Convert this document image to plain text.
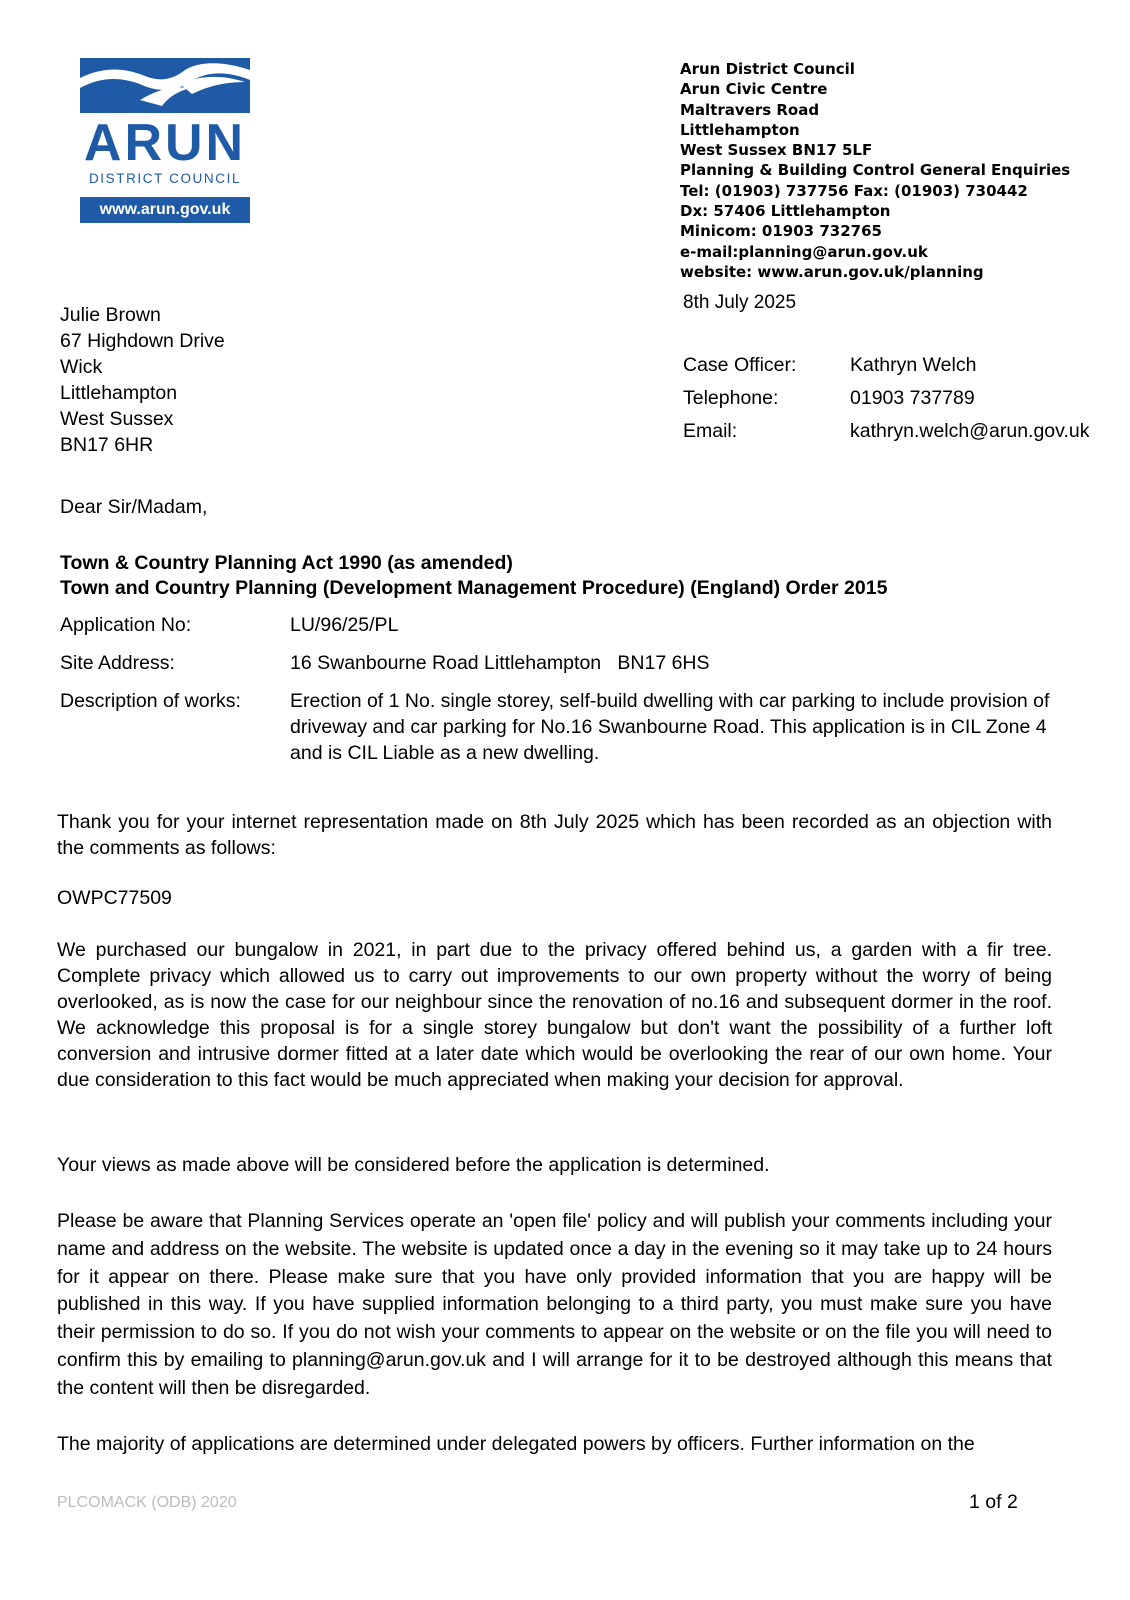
ARUN
DISTRICT COUNCIL
www.arun.gov.uk
Arun District Council
Arun Civic Centre
Maltravers Road
Littlehampton
West Sussex BN17 5LF
Planning & Building Control General Enquiries
Tel: (01903) 737756 Fax: (01903) 730442
Dx: 57406 Littlehampton
Minicom: 01903 732765
e-mail:planning@arun.gov.uk
website: www.arun.gov.uk/planning
8th July 2025
Julie Brown
67 Highdown Drive
Wick
Littlehampton
West Sussex
BN17 6HR
Case Officer:	Kathryn Welch
Telephone:	01903 737789
Email:	kathryn.welch@arun.gov.uk
Dear Sir/Madam,
Town & Country Planning Act 1990 (as amended)
Town and Country Planning (Development Management Procedure) (England) Order 2015
Application No:	LU/96/25/PL
Site Address:	16 Swanbourne Road Littlehampton   BN17 6HS
Description of works:	Erection of 1 No. single storey, self-build dwelling with car parking to include provision of driveway and car parking for No.16 Swanbourne Road. This application is in CIL Zone 4 and is CIL Liable as a new dwelling.
Thank you for your internet representation made on 8th July 2025 which has been recorded as an objection with the comments as follows:
OWPC77509
We purchased our bungalow in 2021, in part due to the privacy offered behind us, a garden with a fir tree. Complete privacy which allowed us to carry out improvements to our own property without the worry of being overlooked, as is now the case for our neighbour since the renovation of no.16 and subsequent dormer in the roof. We acknowledge this proposal is for a single storey bungalow but don't want the possibility of a further loft conversion and intrusive dormer fitted at a later date which would be overlooking the rear of our own home. Your due consideration to this fact would be much appreciated when making your decision for approval.
Your views as made above will be considered before the application is determined.
Please be aware that Planning Services operate an 'open file' policy and will publish your comments including your name and address on the website. The website is updated once a day in the evening so it may take up to 24 hours for it appear on there. Please make sure that you have only provided information that you are happy will be published in this way. If you have supplied information belonging to a third party, you must make sure you have their permission to do so. If you do not wish your comments to appear on the website or on the file you will need to confirm this by emailing to planning@arun.gov.uk and I will arrange for it to be destroyed although this means that the content will then be disregarded.
The majority of applications are determined under delegated powers by officers. Further information on the
PLCOMACK (ODB) 2020	1 of 2
